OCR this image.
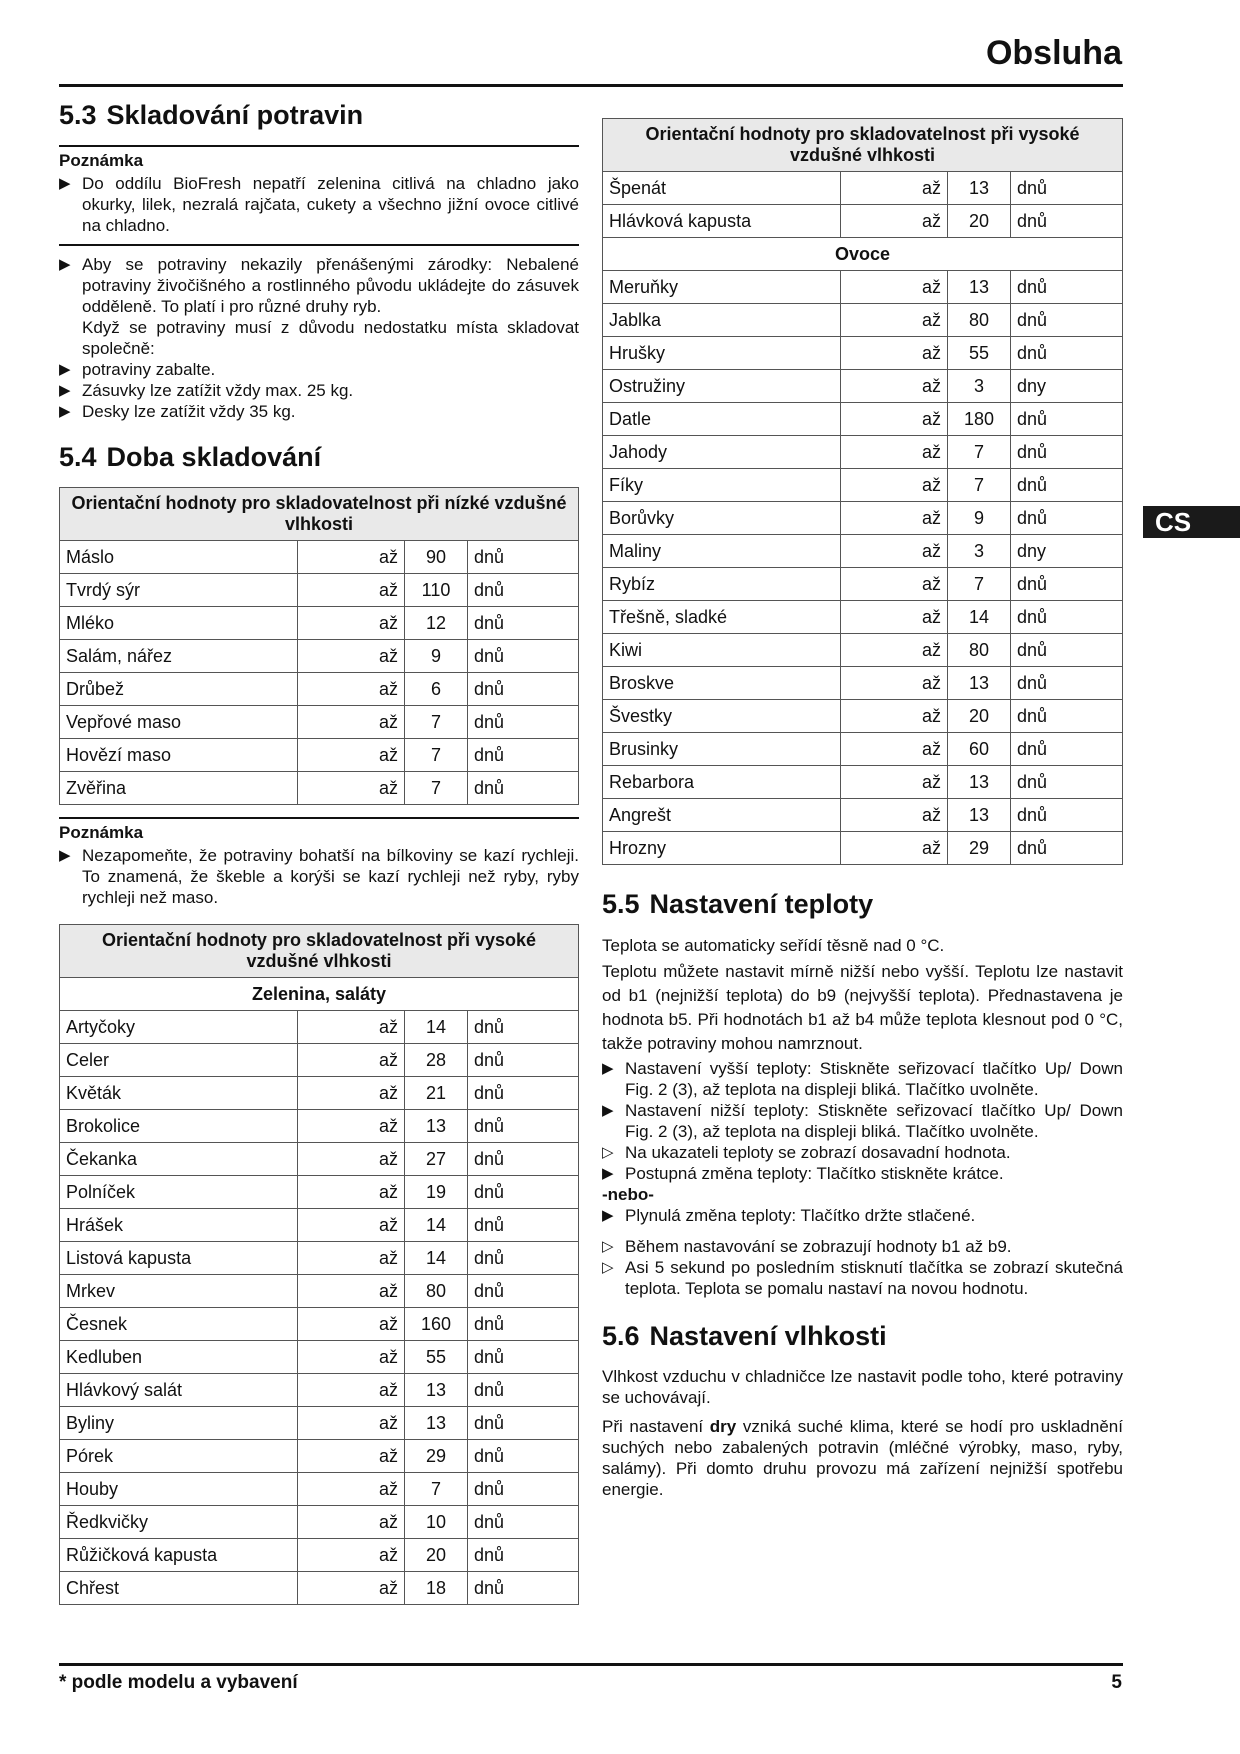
Obsluha
CS
5.3 Skladování potravin
Poznámka
▶ Do oddílu BioFresh nepatří zelenina citlivá na chladno jako okurky, lilek, nezralá rajčata, cukety a všechno jižní ovoce citlivé na chladno.
▶ Aby se potraviny nekazily přenášenými zárodky: Nebalené potraviny živočišného a rostlinného původu ukládejte do zásuvek odděleně. To platí i pro různé druhy ryb.
Když se potraviny musí z důvodu nedostatku místa skladovat společně:
▶ potraviny zabalte.
▶ Zásuvky lze zatížit vždy max. 25 kg.
▶ Desky lze zatížit vždy 35 kg.
5.4 Doba skladování
Orientační hodnoty pro skladovatelnost při nízké vzdušné vlhkosti			
Máslo	až	90	dnů
Tvrdý sýr	až	110	dnů
Mléko	až	12	dnů
Salám, nářez	až	9	dnů
Drůbež	až	6	dnů
Vepřové maso	až	7	dnů
Hovězí maso	až	7	dnů
Zvěřina	až	7	dnů
Poznámka
▶ Nezapomeňte, že potraviny bohatší na bílkoviny se kazí rychleji. To znamená, že škeble a korýši se kazí rychleji než ryby, ryby rychleji než maso.
Orientační hodnoty pro skladovatelnost při vysoké vzdušné vlhkosti			
Zelenina, saláty			
Artyčoky	až	14	dnů
Celer	až	28	dnů
Květák	až	21	dnů
Brokolice	až	13	dnů
Čekanka	až	27	dnů
Polníček	až	19	dnů
Hrášek	až	14	dnů
Listová kapusta	až	14	dnů
Mrkev	až	80	dnů
Česnek	až	160	dnů
Kedluben	až	55	dnů
Hlávkový salát	až	13	dnů
Byliny	až	13	dnů
Pórek	až	29	dnů
Houby	až	7	dnů
Ředkvičky	až	10	dnů
Růžičková kapusta	až	20	dnů
Chřest	až	18	dnů
Orientační hodnoty pro skladovatelnost při vysoké vzdušné vlhkosti			
Špenát	až	13	dnů
Hlávková kapusta	až	20	dnů
Ovoce			
Meruňky	až	13	dnů
Jablka	až	80	dnů
Hrušky	až	55	dnů
Ostružiny	až	3	dny
Datle	až	180	dnů
Jahody	až	7	dnů
Fíky	až	7	dnů
Borůvky	až	9	dnů
Maliny	až	3	dny
Rybíz	až	7	dnů
Třešně, sladké	až	14	dnů
Kiwi	až	80	dnů
Broskve	až	13	dnů
Švestky	až	20	dnů
Brusinky	až	60	dnů
Rebarbora	až	13	dnů
Angrešt	až	13	dnů
Hrozny	až	29	dnů
5.5 Nastavení teploty
Teplota se automaticky seřídí těsně nad 0 °C.
Teplotu můžete nastavit mírně nižší nebo vyšší. Teplotu lze nastavit od b1 (nejnižší teplota) do b9 (nejvyšší teplota). Přednastavena je hodnota b5. Při hodnotách b1 až b4 může teplota klesnout pod 0 °C, takže potraviny mohou namrznout.
▶ Nastavení vyšší teploty: Stiskněte seřizovací tlačítko Up/ Down Fig. 2 (3), až teplota na displeji bliká. Tlačítko uvolněte.
▶ Nastavení nižší teploty: Stiskněte seřizovací tlačítko Up/ Down Fig. 2 (3), až teplota na displeji bliká. Tlačítko uvolněte.
▷ Na ukazateli teploty se zobrazí dosavadní hodnota.
▶ Postupná změna teploty: Tlačítko stiskněte krátce.
-nebo-
▶ Plynulá změna teploty: Tlačítko držte stlačené.
▷ Během nastavování se zobrazují hodnoty b1 až b9.
▷ Asi 5 sekund po posledním stisknutí tlačítka se zobrazí skutečná teplota. Teplota se pomalu nastaví na novou hodnotu.
5.6 Nastavení vlhkosti
Vlhkost vzduchu v chladničce lze nastavit podle toho, které potraviny se uchovávají.
Při nastavení dry vzniká suché klima, které se hodí pro uskladnění suchých nebo zabalených potravin (mléčné výrobky, maso, ryby, salámy). Při domto druhu provozu má zařízení nejnižší spotřebu energie.
* podle modelu a vybavení	5
